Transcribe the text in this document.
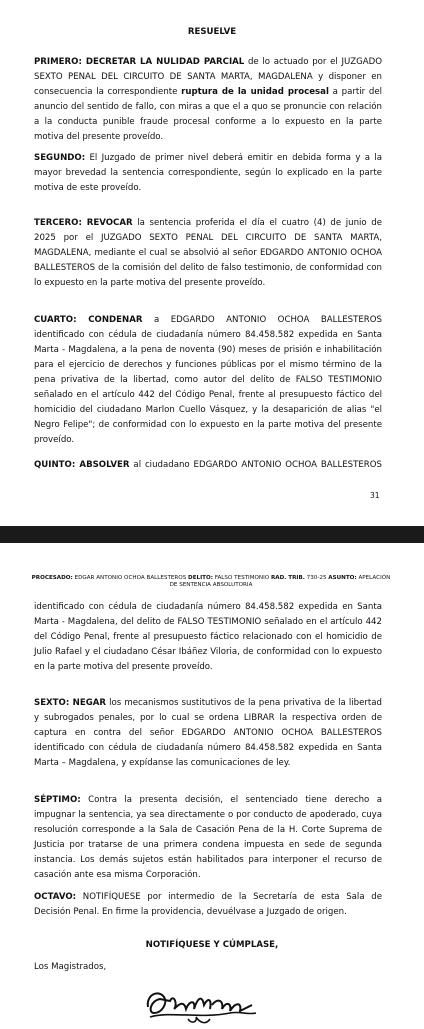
RESUELVE

PRIMERO: DECRETAR LA NULIDAD PARCIAL de lo actuado por el JUZGADO SEXTO PENAL DEL CIRCUITO DE SANTA MARTA, MAGDALENA y disponer en consecuencia la correspondiente ruptura de la unidad procesal a partir del anuncio del sentido de fallo, con miras a que el a quo se pronuncie con relación a la conducta punible fraude procesal conforme a lo expuesto en la parte motiva del presente proveído.

SEGUNDO: El Juzgado de primer nivel deberá emitir en debida forma y a la mayor brevedad la sentencia correspondiente, según lo explicado en la parte motiva de este proveído.

TERCERO: REVOCAR la sentencia proferida el día el cuatro (4) de junio de 2025 por el JUZGADO SEXTO PENAL DEL CIRCUITO DE SANTA MARTA, MAGDALENA, mediante el cual se absolvió al señor EDGARDO ANTONIO OCHOA BALLESTEROS de la comisión del delito de falso testimonio, de conformidad con lo expuesto en la parte motiva del presente proveído.

CUARTO: CONDENAR a EDGARDO ANTONIO OCHOA BALLESTEROS identificado con cédula de ciudadanía número 84.458.582 expedida en Santa Marta - Magdalena, a la pena de noventa (90) meses de prisión e inhabilitación para el ejercicio de derechos y funciones públicas por el mismo término de la pena privativa de la libertad, como autor del delito de FALSO TESTIMONIO señalado en el artículo 442 del Código Penal, frente al presupuesto fáctico del homicidio del ciudadano Marlon Cuello Vásquez, y la desaparición de alias "el Negro Felipe"; de conformidad con lo expuesto en la parte motiva del presente proveído.

QUINTO: ABSOLVER al ciudadano EDGARDO ANTONIO OCHOA BALLESTEROS

31
PROCESADO: EDGAR ANTONIO OCHOA BALLESTEROS DELITO: FALSO TESTIMONIO RAD. TRIB. 730-25 ASUNTO: APELACIÓN DE SENTENCIA ABSOLUTORIA

identificado con cédula de ciudadanía número 84.458.582 expedida en Santa Marta - Magdalena, del delito de FALSO TESTIMONIO señalado en el artículo 442 del Código Penal, frente al presupuesto fáctico relacionado con el homicidio de Julio Rafael y el ciudadano César Ibáñez Viloria, de conformidad con lo expuesto en la parte motiva del presente proveído.

SEXTO: NEGAR los mecanismos sustitutivos de la pena privativa de la libertad y subrogados penales, por lo cual se ordena LIBRAR la respectiva orden de captura en contra del señor EDGARDO ANTONIO OCHOA BALLESTEROS identificado con cédula de ciudadanía número 84.458.582 expedida en Santa Marta – Magdalena, y expídanse las comunicaciones de ley.

SÉPTIMO: Contra la presenta decisión, el sentenciado tiene derecho a impugnar la sentencia, ya sea directamente o por conducto de apoderado, cuya resolución corresponde a la Sala de Casación Pena de la H. Corte Suprema de Justicia por tratarse de una primera condena impuesta en sede de segunda instancia. Los demás sujetos están habilitados para interponer el recurso de casación ante esa misma Corporación.

OCTAVO: NOTIFÍQUESE por intermedio de la Secretaría de esta Sala de Decisión Penal. En firme la providencia, devuélvase a Juzgado de origen.

NOTIFÍQUESE Y CÚMPLASE,
Los Magistrados,
